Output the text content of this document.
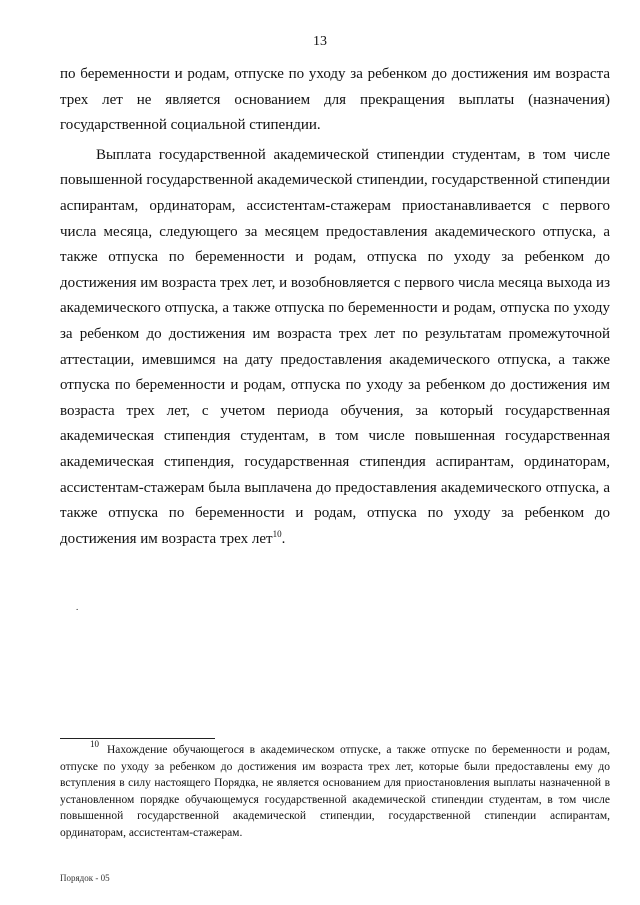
13

по беременности и родам, отпуске по уходу за ребенком до достижения им возраста трех лет не является основанием для прекращения выплаты (назначения) государственной социальной стипендии.

Выплата государственной академической стипендии студентам, в том числе повышенной государственной академической стипендии, государственной стипендии аспирантам, ординаторам, ассистентам-стажерам приостанавливается с первого числа месяца, следующего за месяцем предоставления академического отпуска, а также отпуска по беременности и родам, отпуска по уходу за ребенком до достижения им возраста трех лет, и возобновляется с первого числа месяца выхода из академического отпуска, а также отпуска по беременности и родам, отпуска по уходу за ребенком до достижения им возраста трех лет по результатам промежуточной аттестации, имевшимся на дату предоставления академического отпуска, а также отпуска по беременности и родам, отпуска по уходу за ребенком до достижения им возраста трех лет, с учетом периода обучения, за который государственная академическая стипендия студентам, в том числе повышенная государственная академическая стипендия, государственная стипендия аспирантам, ординаторам, ассистентам-стажерам была выплачена до предоставления академического отпуска, а также отпуска по беременности и родам, отпуска по уходу за ребенком до достижения им возраста трех лет$^{10}$.

.
$^{10}$ Нахождение обучающегося в академическом отпуске, а также отпуске по беременности и родам, отпуске по уходу за ребенком до достижения им возраста трех лет, которые были предоставлены ему до вступления в силу настоящего Порядка, не является основанием для приостановления выплаты назначенной в установленном порядке обучающемуся государственной академической стипендии студентам, в том числе повышенной государственной академической стипендии, государственной стипендии аспирантам, ординаторам, ассистентам-стажерам.
Порядок - 05
